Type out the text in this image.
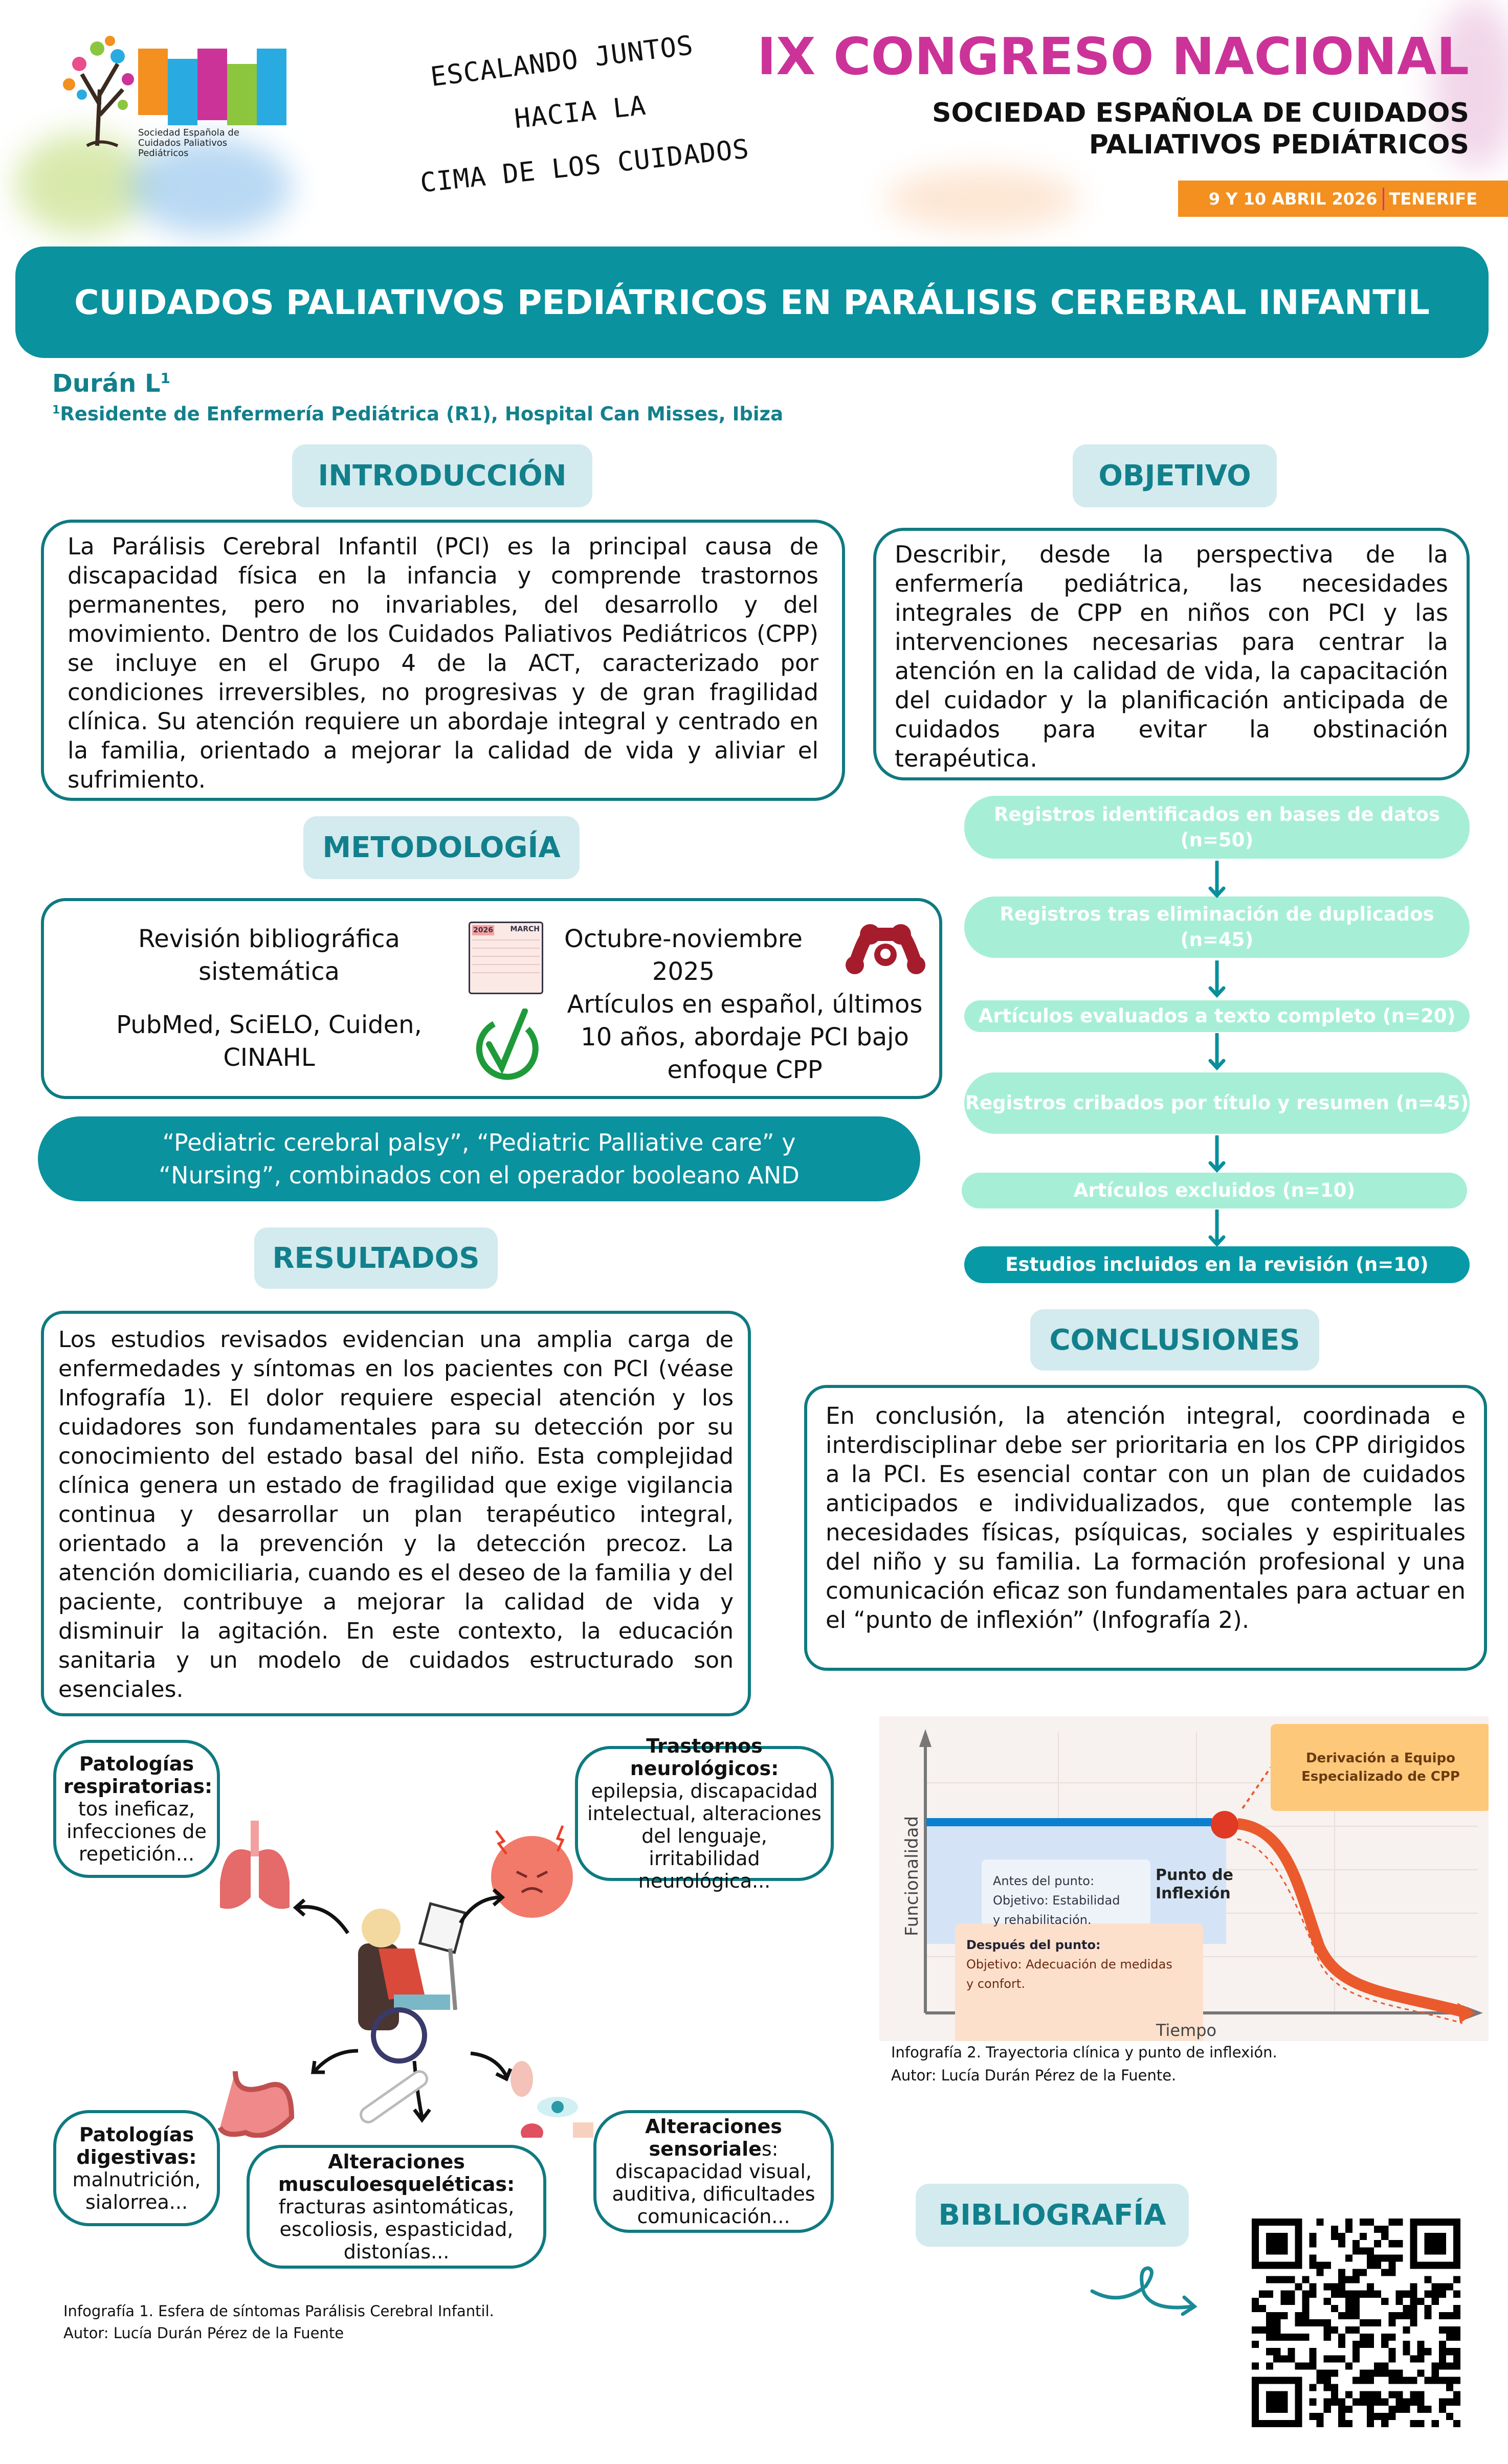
Sociedad Española de Cuidados Paliativos Pediátricos
ESCALANDO JUNTOS
HACIA LA
CIMA DE LOS CUIDADOS
IX CONGRESO NACIONAL
SOCIEDAD ESPAÑOLA DE CUIDADOS
PALIATIVOS PEDIÁTRICOS
9 Y 10 ABRIL 2026 TENERIFE
CUIDADOS PALIATIVOS PEDIÁTRICOS EN PARÁLISIS CEREBRAL INFANTIL
Durán $L^1$
$^1$Residente de Enfermería Pediátrica (R1), Hospital Can Misses, Ibiza
INTRODUCCIÓN
La Parálisis Cerebral Infantil (PCI) es la principal causa de discapacidad física en la infancia y comprende trastornos permanentes, pero no invariables, del desarrollo y del movimiento. Dentro de los Cuidados Paliativos Pediátricos (CPP) se incluye en el Grupo 4 de la ACT, caracterizado por condiciones irreversibles, no progresivas y de gran fragilidad clínica. Su atención requiere un abordaje integral y centrado en la familia, orientado a mejorar la calidad de vida y aliviar el sufrimiento.
OBJETIVO
Describir, desde la perspectiva de la enfermería pediátrica, las necesidades integrales de CPP en niños con PCI y las intervenciones necesarias para centrar la atención en la calidad de vida, la capacitación del cuidador y la planificación anticipada de cuidados para evitar la obstinación terapéutica.
METODOLOGÍA
Revisión bibliográfica sistemática
PubMed, SciELO, Cuiden, CINAHL
2026 MARCH	Octubre-noviembre 2025
Artículos en español, últimos 10 años, abordaje PCI bajo enfoque CPP
“Pediatric cerebral palsy”, “Pediatric Palliative care” y “Nursing”, combinados con el operador booleano AND
Registros identificados en bases de datos (n=50)
Registros tras eliminación de duplicados (n=45)
Artículos evaluados a texto completo (n=20)
Registros cribados por título y resumen (n=45)
Artículos excluidos (n=10)
Estudios incluidos en la revisión (n=10)
RESULTADOS
Los estudios revisados evidencian una amplia carga de enfermedades y síntomas en los pacientes con PCI (véase Infografía 1). El dolor requiere especial atención y los cuidadores son fundamentales para su detección por su conocimiento del estado basal del niño. Esta complejidad clínica genera un estado de fragilidad que exige vigilancia continua y desarrollar un plan terapéutico integral, orientado a la prevención y la detección precoz. La atención domiciliaria, cuando es el deseo de la familia y del paciente, contribuye a mejorar la calidad de vida y disminuir la agitación. En este contexto, la educación sanitaria y un modelo de cuidados estructurado son esenciales.
CONCLUSIONES
En conclusión, la atención integral, coordinada e interdisciplinar debe ser prioritaria en los CPP dirigidos a la PCI. Es esencial contar con un plan de cuidados anticipados e individualizados, que contemple las necesidades físicas, psíquicas, sociales y espirituales del niño y su familia. La formación profesional y una comunicación eficaz son fundamentales para actuar en el “punto de inflexión” (Infografía 2).
Patologías respiratorias:
tos ineficaz, infecciones de repetición...
Trastornos neurológicos: epilepsia, discapacidad intelectual, alteraciones del lenguaje, irritabilidad neurológica...
Patologías digestivas:
malnutrición, sialorrea...
Alteraciones musculoesqueléticas:
fracturas asintomáticas, escoliosis, espasticidad, distonías...
Alteraciones sensoriales:
discapacidad visual, auditiva, dificultades comunicación...
Infografía 1. Esfera de síntomas Parálisis Cerebral Infantil.
Autor: Lucía Durán Pérez de la Fuente
Funcionalidad
Tiempo
Punto de
Inflexión
Derivación a Equipo
Especializado de CPP
Antes del punto:
Objetivo: Estabilidad
y rehabilitación.
Después del punto:
Objetivo: Adecuación de medidas
y confort.
Infografía 2. Trayectoria clínica y punto de inflexión.
Autor: Lucía Durán Pérez de la Fuente.
BIBLIOGRAFÍA
